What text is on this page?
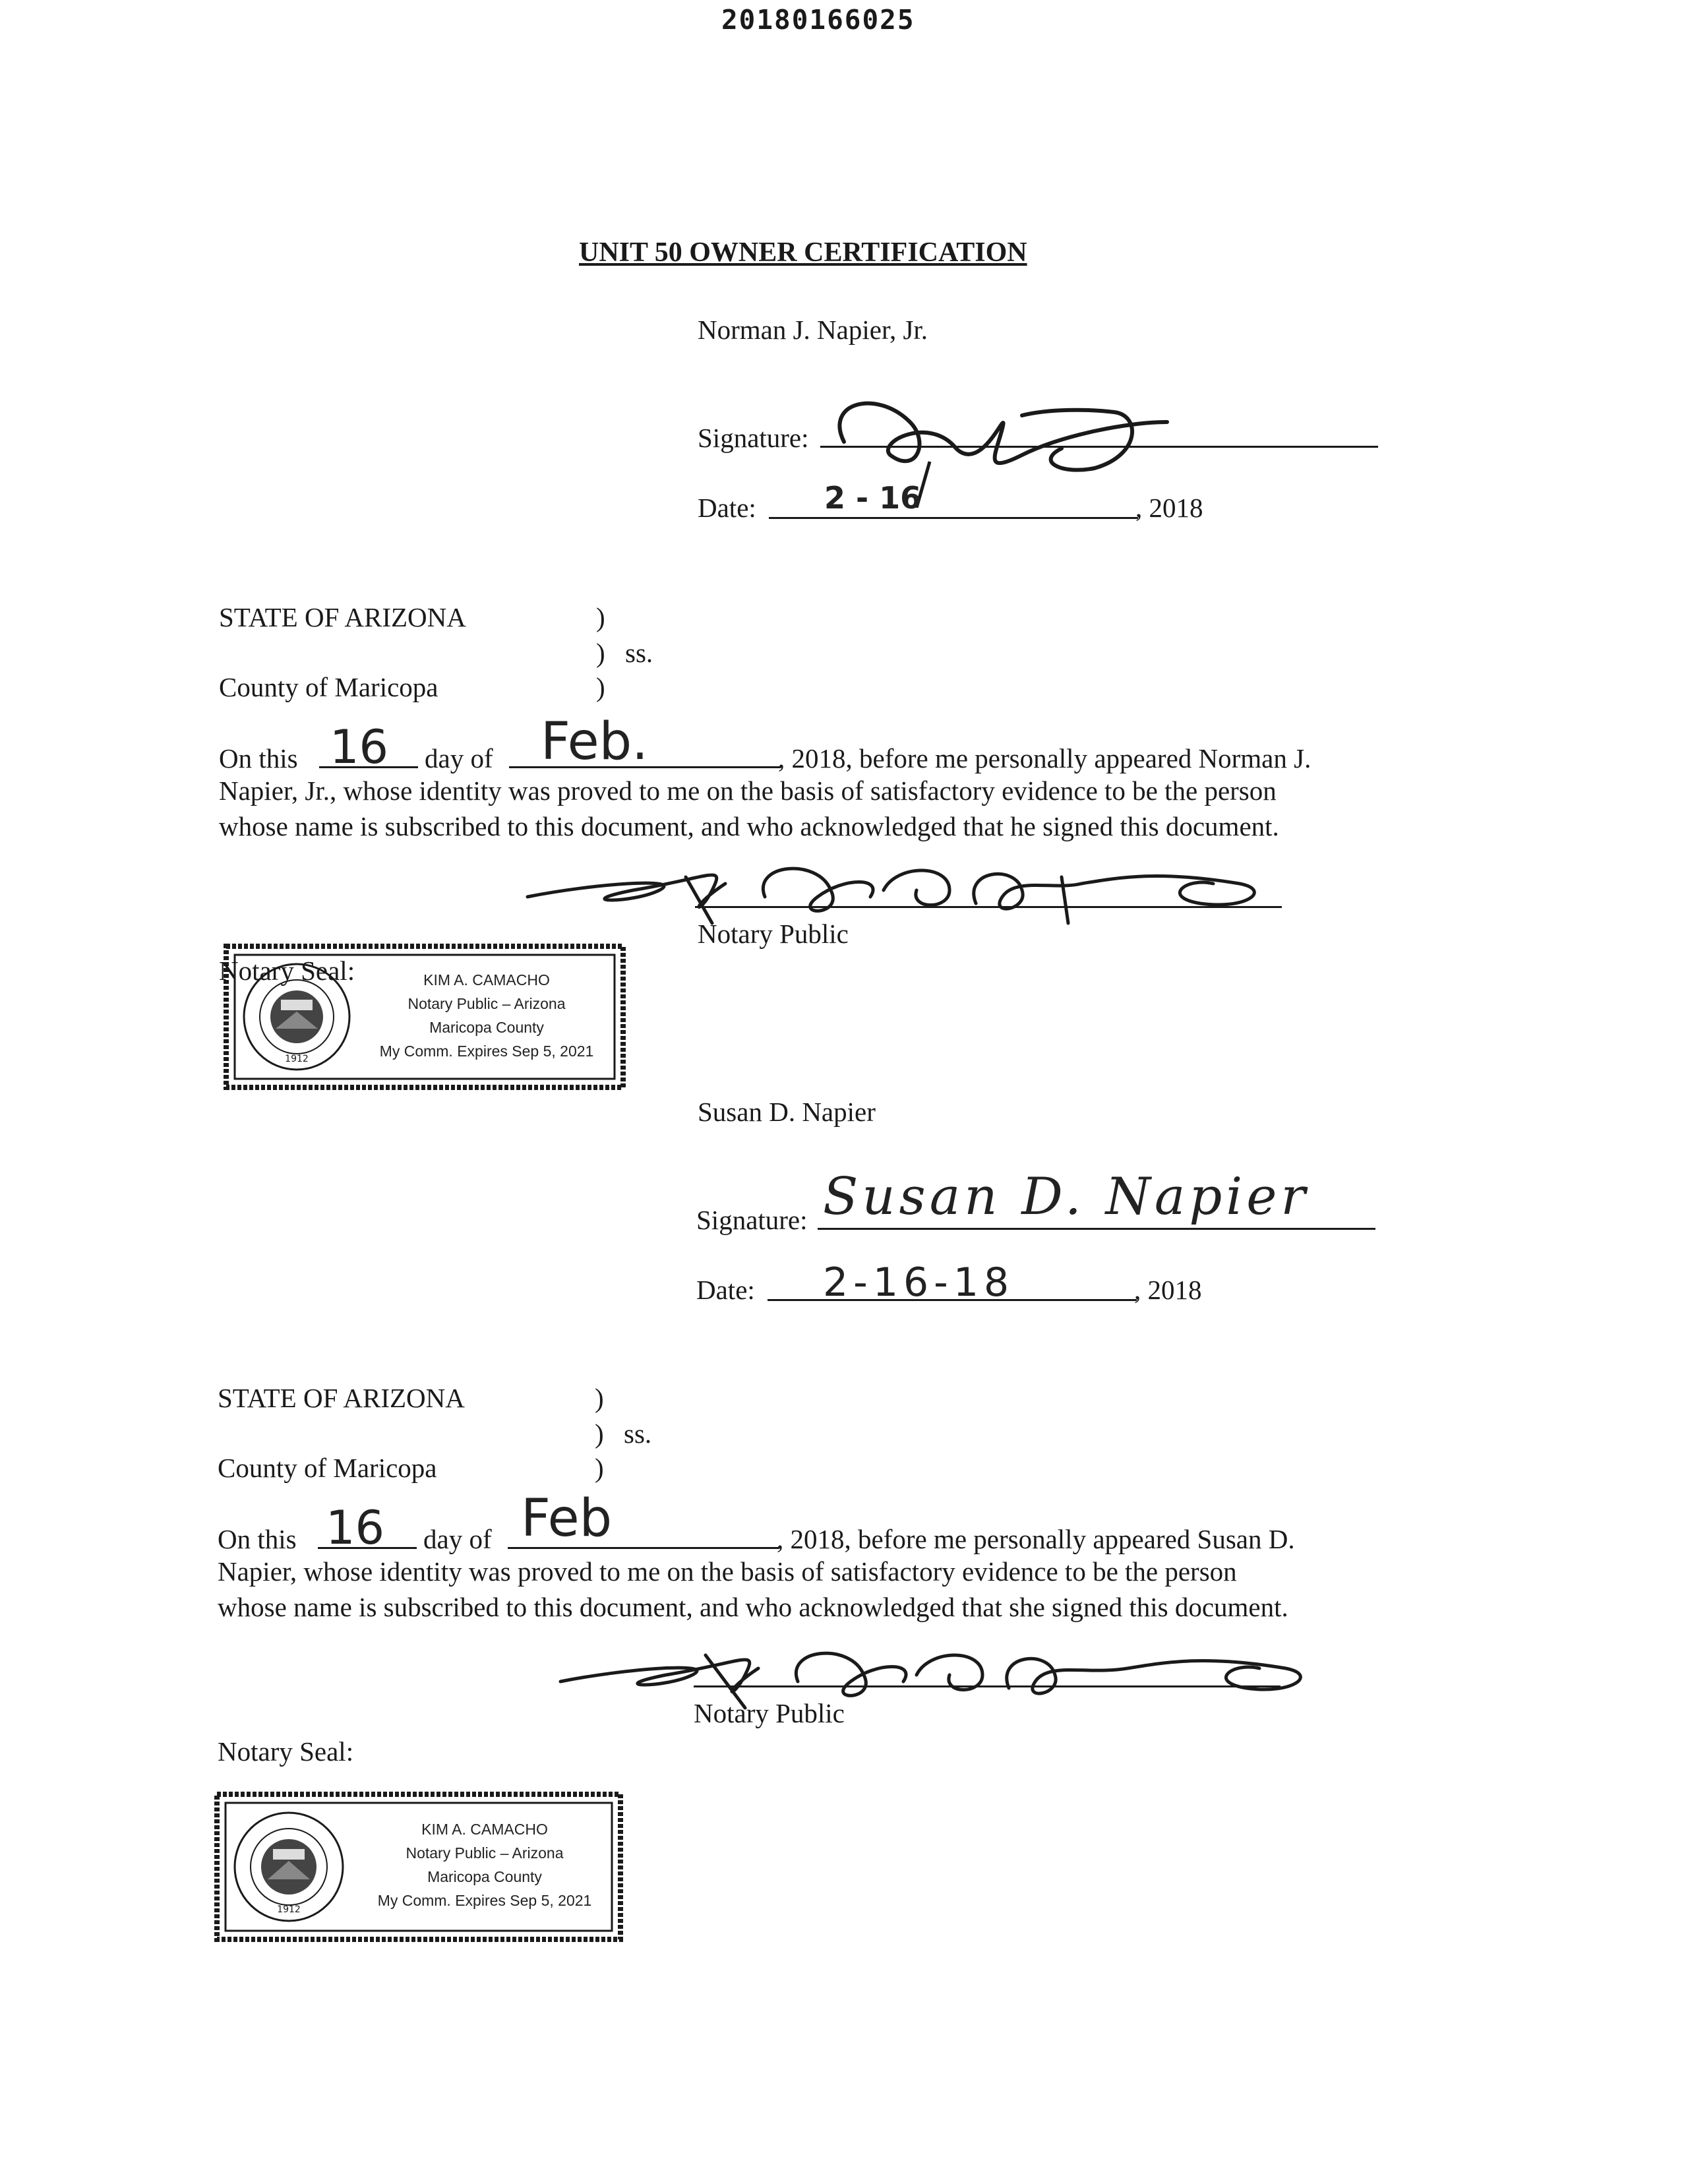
20180166025
UNIT 50 OWNER CERTIFICATION
Norman J. Napier, Jr.
Signature:
Date: 2 - 16	, 2018
STATE OF ARIZONA	)
) ss.
County of Maricopa	)
On this 16 day of Feb.	, 2018, before me personally appeared Norman J.
Napier, Jr., whose identity was proved to me on the basis of satisfactory evidence to be the person
whose name is subscribed to this document, and who acknowledged that he signed this document.
Notary Public
Notary Seal:
1912
KIM A. CAMACHO
Notary Public – Arizona
Maricopa County
My Comm. Expires Sep 5, 2021
Susan D. Napier
Signature: Susan D. Napier
Date: 2-16-18	, 2018
STATE OF ARIZONA	)
) ss.
County of Maricopa	)
On this 16 day of Feb	, 2018, before me personally appeared Susan D.
Napier, whose identity was proved to me on the basis of satisfactory evidence to be the person
whose name is subscribed to this document, and who acknowledged that she signed this document.
Notary Public
Notary Seal:
1912
KIM A. CAMACHO
Notary Public – Arizona
Maricopa County
My Comm. Expires Sep 5, 2021
